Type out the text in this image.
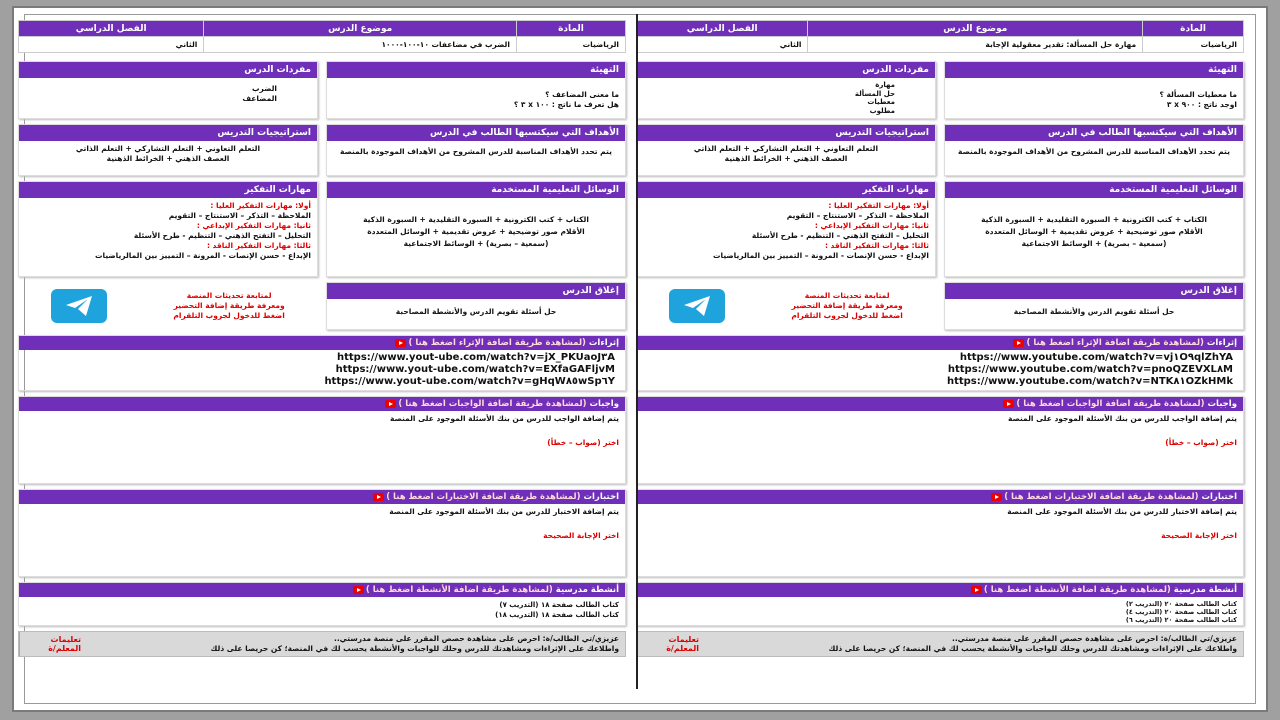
المادة	موضوع الدرس	الفصل الدراسي
الرياضيات	الضرب في مضاعفات ١٠-١٠٠-١٠٠٠	الثاني
التهيئة
ما معنى المضاعف ؟
هل تعرف ما ناتج : ١٠٠ x ٣ ؟
مفردات الدرس
الضرب
المضاعف
الأهداف التي سيكتسبها الطالب في الدرس
يتم تحدد الأهداف المناسبة للدرس المشروح من الأهداف الموجودة بالمنصة
استراتيجيات التدريس
التعلم التعاوني + التعلم التشاركي + التعلم الذاتي
العصف الذهني + الخرائط الذهنية
الوسائل التعليمية المستخدمة
الكتاب + كتب الكترونية + السبورة التقليدية + السبورة الذكية
الأقلام صور توضيحية + عروض تقديمية + الوسائل المتعددة
(سمعية – بصرية) + الوسائط الاجتماعية
مهارات التفكير
أولا: مهارات التفكير العليا :
الملاحظة – التذكر – الاستنتاج – التقويم
ثانيا: مهارات التفكير الإبداعي :
التحليل – التفتح الذهني – التنظيم - طرح الأسئلة
ثالثا: مهارات التفكير الناقد :
الإبداع - حسن الإنصات - المرونة – التمييز بين المالرياضيات
إغلاق الدرس
حل أسئلة تقويم الدرس والأنشطة المصاحبة
لمتابعة تحديثات المنصة
ومعرفة طريقة إضافة التحضير
اضغط للدخول لجروب التلقرام
إثراءات (لمشاهدة طريقة اضافة الإثراء اضغط هنا )
https://www.yout-ube.com/watch?v=jX_PKUaoJ٣A
https://www.yout-ube.com/watch?v=EXfaGAFljvM
https://www.yout-ube.com/watch?v=gHqW٨٥wSp٦Y
واجبات (لمشاهدة طريقة اضافة الواجبات اضغط هنا )
يتم إضافة الواجب للدرس من بنك الأسئلة الموجود على المنصة
اختر (صواب – خطأ)
اختبارات (لمشاهدة طريقة اضافة الاختبارات اضغط هنا )
يتم إضافة الاختبار للدرس من بنك الأسئلة الموجود على المنصة
اختر الإجابة الصحيحة
أنشطة مدرسية (لمشاهدة طريقة اضافة الأنشطة اضغط هنا )
كتاب الطالب صفحة ١٨ (التدريب ٧)
كتاب الطالب صفحة ١٨ (التدريب ١٨)
عزيزي/تي الطالب/ة: احرص على مشاهدة حصص المقرر على منصة مدرستي..
واطلاعك على الإثراءات ومشاهدتك للدرس وحلك للواجبات والأنشطة يحسب لك في المنصة؛ كن حريصا على ذلك
تعليمات المعلم/ة
المادة	موضوع الدرس	الفصل الدراسي
الرياضيات	مهارة حل المسألة: تقدير معقولية الإجابة	الثاني
التهيئة
ما معطيات المسألة ؟
اوجد ناتج : ٩٠٠ x ٣
مفردات الدرس
مهارة
حل المسألة
معطيات
مطلوب
الأهداف التي سيكتسبها الطالب في الدرس
يتم تحدد الأهداف المناسبة للدرس المشروح من الأهداف الموجودة بالمنصة
استراتيجيات التدريس
التعلم التعاوني + التعلم التشاركي + التعلم الذاتي
العصف الذهني + الخرائط الذهنية
الوسائل التعليمية المستخدمة
الكتاب + كتب الكترونية + السبورة التقليدية + السبورة الذكية
الأقلام صور توضيحية + عروض تقديمية + الوسائل المتعددة
(سمعية – بصرية) + الوسائط الاجتماعية
مهارات التفكير
أولا: مهارات التفكير العليا :
الملاحظة – التذكر – الاستنتاج – التقويم
ثانيا: مهارات التفكير الإبداعي :
التحليل – التفتح الذهني – التنظيم - طرح الأسئلة
ثالثا: مهارات التفكير الناقد :
الإبداع - حسن الإنصات - المرونة – التمييز بين المالرياضيات
إغلاق الدرس
حل أسئلة تقويم الدرس والأنشطة المصاحبة
لمتابعة تحديثات المنصة
ومعرفة طريقة إضافة التحضير
اضغط للدخول لجروب التلقرام
إثراءات (لمشاهدة طريقة اضافة الإثراء اضغط هنا )
https://www.youtube.com/watch?v=vj١O٩qlZhYA
https://www.youtube.com/watch?v=pnoQZEVXL٨M
https://www.youtube.com/watch?v=NTK٨١OZkHMk
واجبات (لمشاهدة طريقة اضافة الواجبات اضغط هنا )
يتم إضافة الواجب للدرس من بنك الأسئلة الموجود على المنصة
اختر (صواب – خطأ)
اختبارات (لمشاهدة طريقة اضافة الاختبارات اضغط هنا )
يتم إضافة الاختبار للدرس من بنك الأسئلة الموجود على المنصة
اختر الإجابة الصحيحة
أنشطة مدرسية (لمشاهدة طريقة اضافة الأنشطة اضغط هنا )
كتاب الطالب صفحة ٢٠ (التدريب ٢)
كتاب الطالب صفحة ٢٠ (التدريب ٤)
كتاب الطالب صفحة ٢٠ (التدريب ٦)
عزيزي/تي الطالب/ة: احرص على مشاهدة حصص المقرر على منصة مدرستي..
واطلاعك على الإثراءات ومشاهدتك للدرس وحلك للواجبات والأنشطة يحسب لك في المنصة؛ كن حريصا على ذلك
تعليمات المعلم/ة
